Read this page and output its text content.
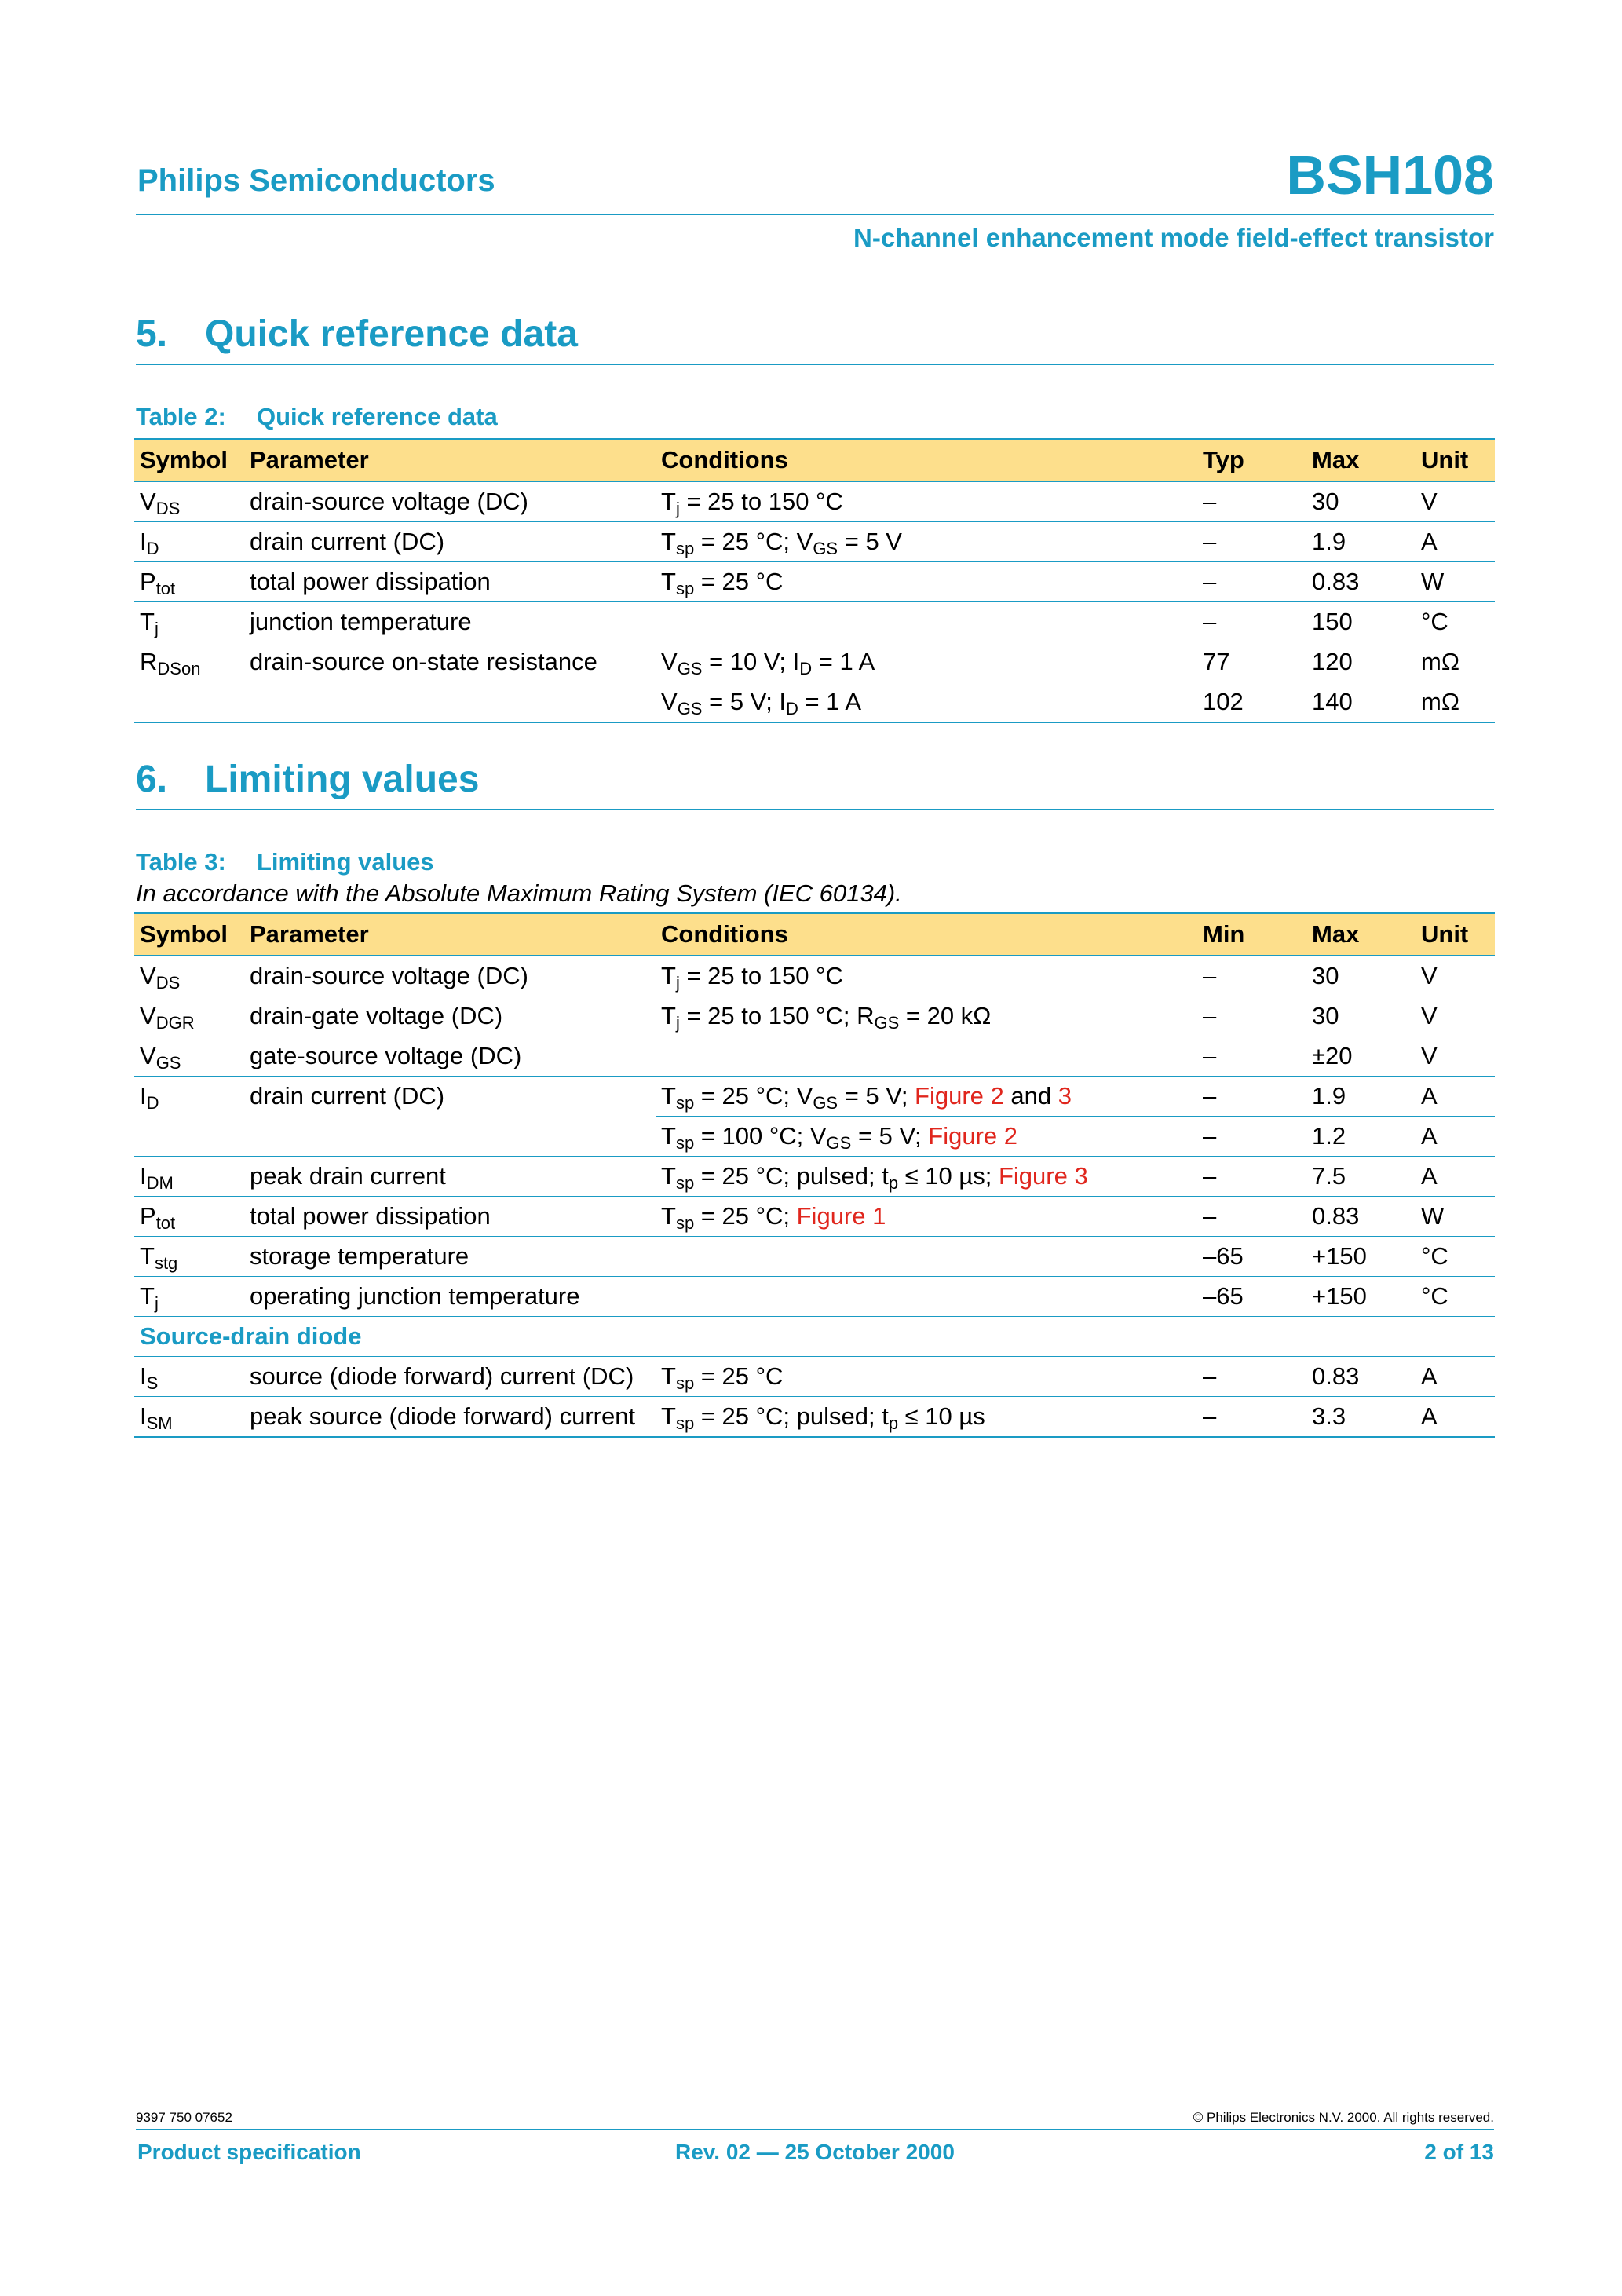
Philips Semiconductors	BSH108
N-channel enhancement mode field-effect transistor
5. Quick reference data
Table 2:	Quick reference data
Symbol	Parameter	Conditions	Typ	Max	Unit
$V_{DS}$	drain-source voltage (DC)	$T_j = 25$ to 150 °C	–	30	V
$I_D$	drain current (DC)	$T_{sp} = 25$ °C; $V_{GS} = 5$ V	–	1.9	A
$P_{tot}$	total power dissipation	$T_{sp} = 25$ °C	–	0.83	W
$T_j$	junction temperature		–	150	°C
$R_{DSon}$	drain-source on-state resistance	$V_{GS} = 10$ V; $I_D = 1$ A	77	120	mΩ
		$V_{GS} = 5$ V; $I_D = 1$ A	102	140	mΩ
6. Limiting values
Table 3:	Limiting values
In accordance with the Absolute Maximum Rating System (IEC 60134).
Symbol	Parameter	Conditions	Min	Max	Unit
$V_{DS}$	drain-source voltage (DC)	$T_j = 25$ to 150 °C	–	30	V
$V_{DGR}$	drain-gate voltage (DC)	$T_j = 25$ to 150 °C; $R_{GS} = 20$ kΩ	–	30	V
$V_{GS}$	gate-source voltage (DC)		–	±20	V
$I_D$	drain current (DC)	$T_{sp} = 25$ °C; $V_{GS} = 5$ V; Figure 2 and 3	–	1.9	A
		$T_{sp} = 100$ °C; $V_{GS} = 5$ V; Figure 2	–	1.2	A
$I_{DM}$	peak drain current	$T_{sp} = 25$ °C; pulsed; $t_p \le 10$ µs; Figure 3	–	7.5	A
$P_{tot}$	total power dissipation	$T_{sp} = 25$ °C; Figure 1	–	0.83	W
$T_{stg}$	storage temperature		–65	+150	°C
$T_j$	operating junction temperature		–65	+150	°C
Source-drain diode					
$I_S$	source (diode forward) current (DC)	$T_{sp} = 25$ °C	–	0.83	A
$I_{SM}$	peak source (diode forward) current	$T_{sp} = 25$ °C; pulsed; $t_p \le 10$ µs	–	3.3	A
9397 750 07652	© Philips Electronics N.V. 2000. All rights reserved.
Product specification	Rev. 02 — 25 October 2000	2 of 13
